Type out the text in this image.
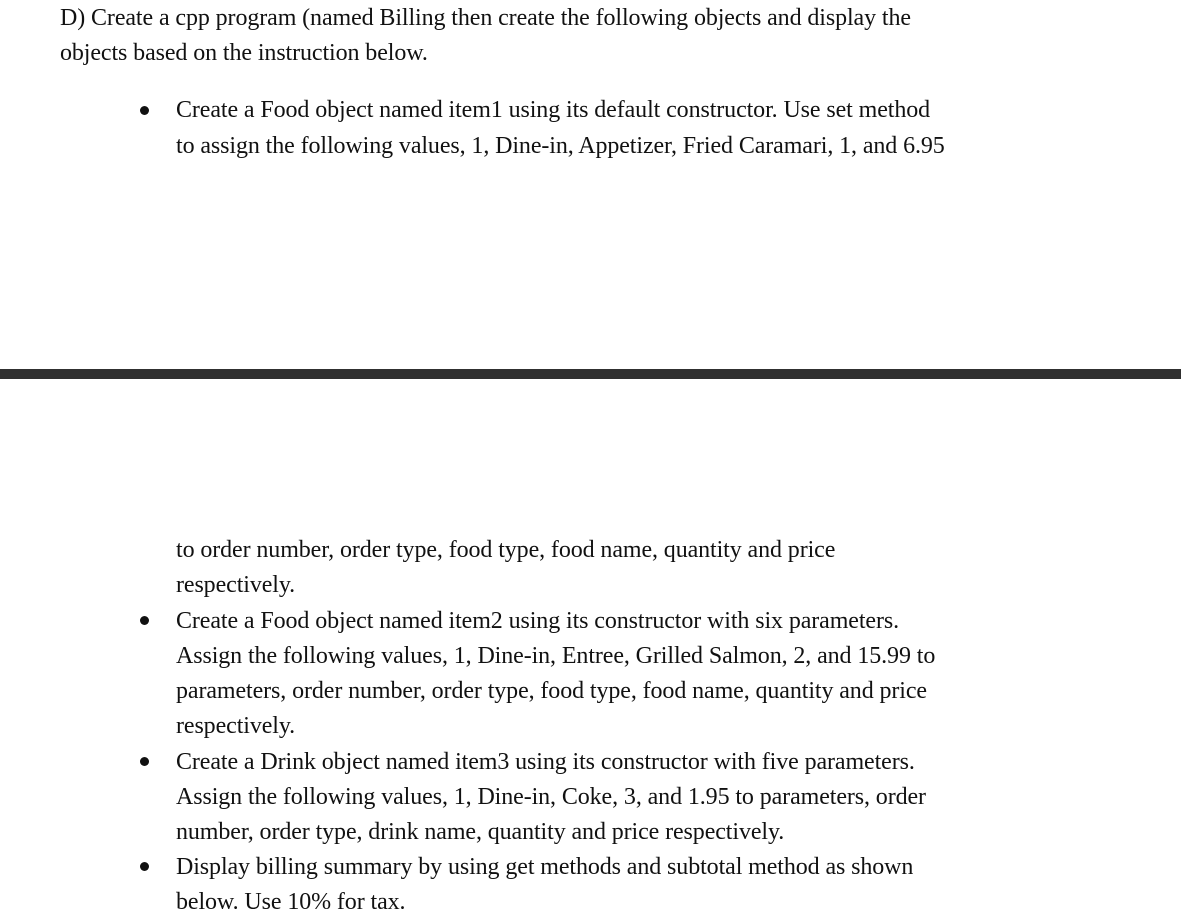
D) Create a cpp program (named Billing then create the following objects and display the
objects based on the instruction below.
Create a Food object named item1 using its default constructor. Use set method
to assign the following values, 1, Dine-in, Appetizer, Fried Caramari, 1, and 6.95
to order number, order type, food type, food name, quantity and price
respectively.
Create a Food object named item2 using its constructor with six parameters.
Assign the following values, 1, Dine-in, Entree, Grilled Salmon, 2, and 15.99 to
parameters, order number, order type, food type, food name, quantity and price
respectively.
Create a Drink object named item3 using its constructor with five parameters.
Assign the following values, 1, Dine-in, Coke, 3, and 1.95 to parameters, order
number, order type, drink name, quantity and price respectively.
Display billing summary by using get methods and subtotal method as shown
below. Use 10% for tax.
